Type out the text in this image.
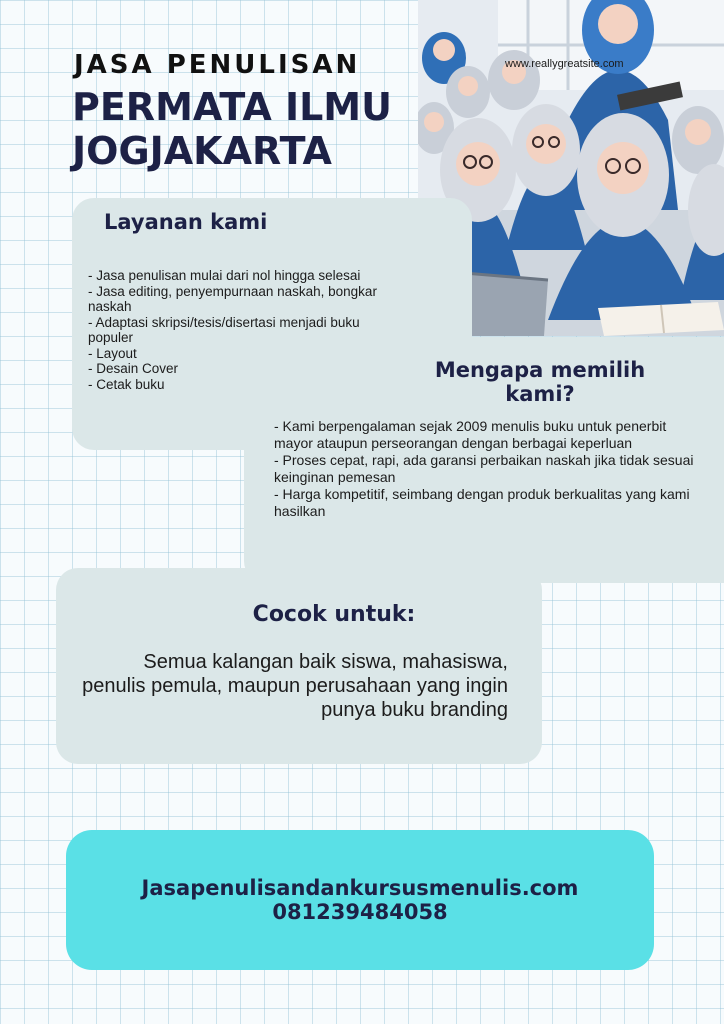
JASA PENULISAN
PERMATA ILMU
JOGJAKARTA
www.reallygreatsite.com
Layanan kami
- Jasa penulisan mulai dari nol hingga selesai
- Jasa editing, penyempurnaan naskah, bongkar naskah
- Adaptasi skripsi/tesis/disertasi menjadi buku populer
- Layout
- Desain Cover
- Cetak buku
Mengapa memilih kami?
- Kami berpengalaman sejak 2009 menulis buku untuk penerbit mayor ataupun perseorangan dengan berbagai keperluan
- Proses cepat, rapi, ada garansi perbaikan naskah jika tidak sesuai keinginan pemesan
- Harga kompetitif, seimbang dengan produk berkualitas yang kami hasilkan
Cocok untuk:
Semua kalangan baik siswa, mahasiswa, penulis pemula, maupun perusahaan yang ingin punya buku branding
Jasapenulisandankursusmenulis.com
081239484058
